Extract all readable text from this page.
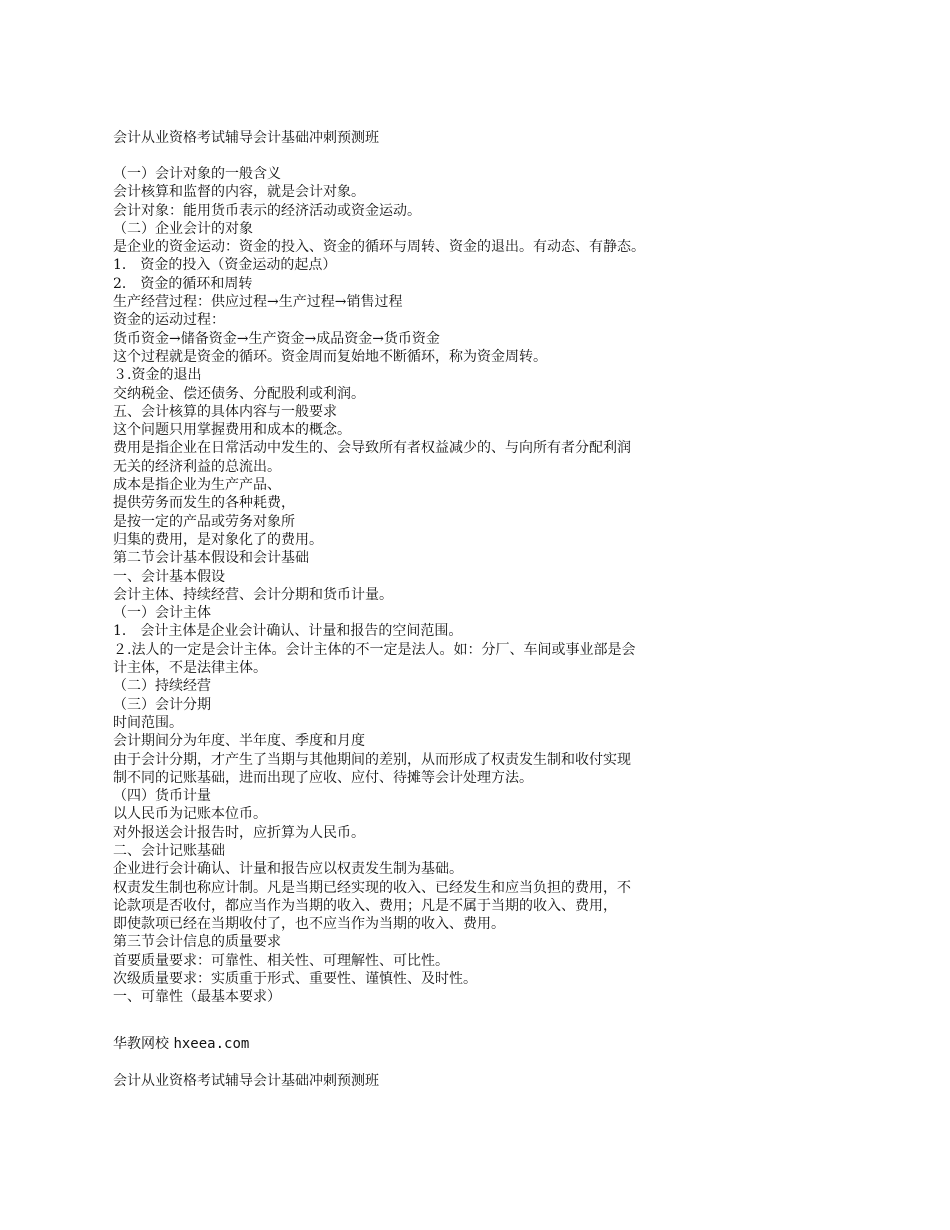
会计从业资格考试辅导会计基础冲刺预测班
（一）会计对象的一般含义
会计核算和监督的内容，就是会计对象。
会计对象：能用货币表示的经济活动或资金运动。
（二）企业会计的对象
是企业的资金运动：资金的投入、资金的循环与周转、资金的退出。有动态、有静态。
1． 资金的投入（资金运动的起点）
2． 资金的循环和周转
生产经营过程：供应过程→生产过程→销售过程
资金的运动过程：
货币资金→储备资金→生产资金→成品资金→货币资金
这个过程就是资金的循环。资金周而复始地不断循环，称为资金周转。
３.资金的退出
交纳税金、偿还债务、分配股利或利润。
五、会计核算的具体内容与一般要求
这个问题只用掌握费用和成本的概念。
费用是指企业在日常活动中发生的、会导致所有者权益减少的、与向所有者分配利润
无关的经济利益的总流出。
成本是指企业为生产产品、
提供劳务而发生的各种耗费，
是按一定的产品或劳务对象所
归集的费用，是对象化了的费用。
第二节会计基本假设和会计基础
一、会计基本假设
会计主体、持续经营、会计分期和货币计量。
（一）会计主体
1． 会计主体是企业会计确认、计量和报告的空间范围。
２.法人的一定是会计主体。会计主体的不一定是法人。如：分厂、车间或事业部是会
计主体，不是法律主体。
（二）持续经营
（三）会计分期
时间范围。
会计期间分为年度、半年度、季度和月度
由于会计分期，才产生了当期与其他期间的差别，从而形成了权责发生制和收付实现
制不同的记账基础，进而出现了应收、应付、待摊等会计处理方法。
（四）货币计量
以人民币为记账本位币。
对外报送会计报告时，应折算为人民币。
二、会计记账基础
企业进行会计确认、计量和报告应以权责发生制为基础。
权责发生制也称应计制。凡是当期已经实现的收入、已经发生和应当负担的费用，不
论款项是否收付，都应当作为当期的收入、费用；凡是不属于当期的收入、费用，
即使款项已经在当期收付了，也不应当作为当期的收入、费用。
第三节会计信息的质量要求
首要质量要求：可靠性、相关性、可理解性、可比性。
次级质量要求：实质重于形式、重要性、谨慎性、及时性。
一、可靠性（最基本要求）
华教网校 hxeea.com
会计从业资格考试辅导会计基础冲刺预测班
